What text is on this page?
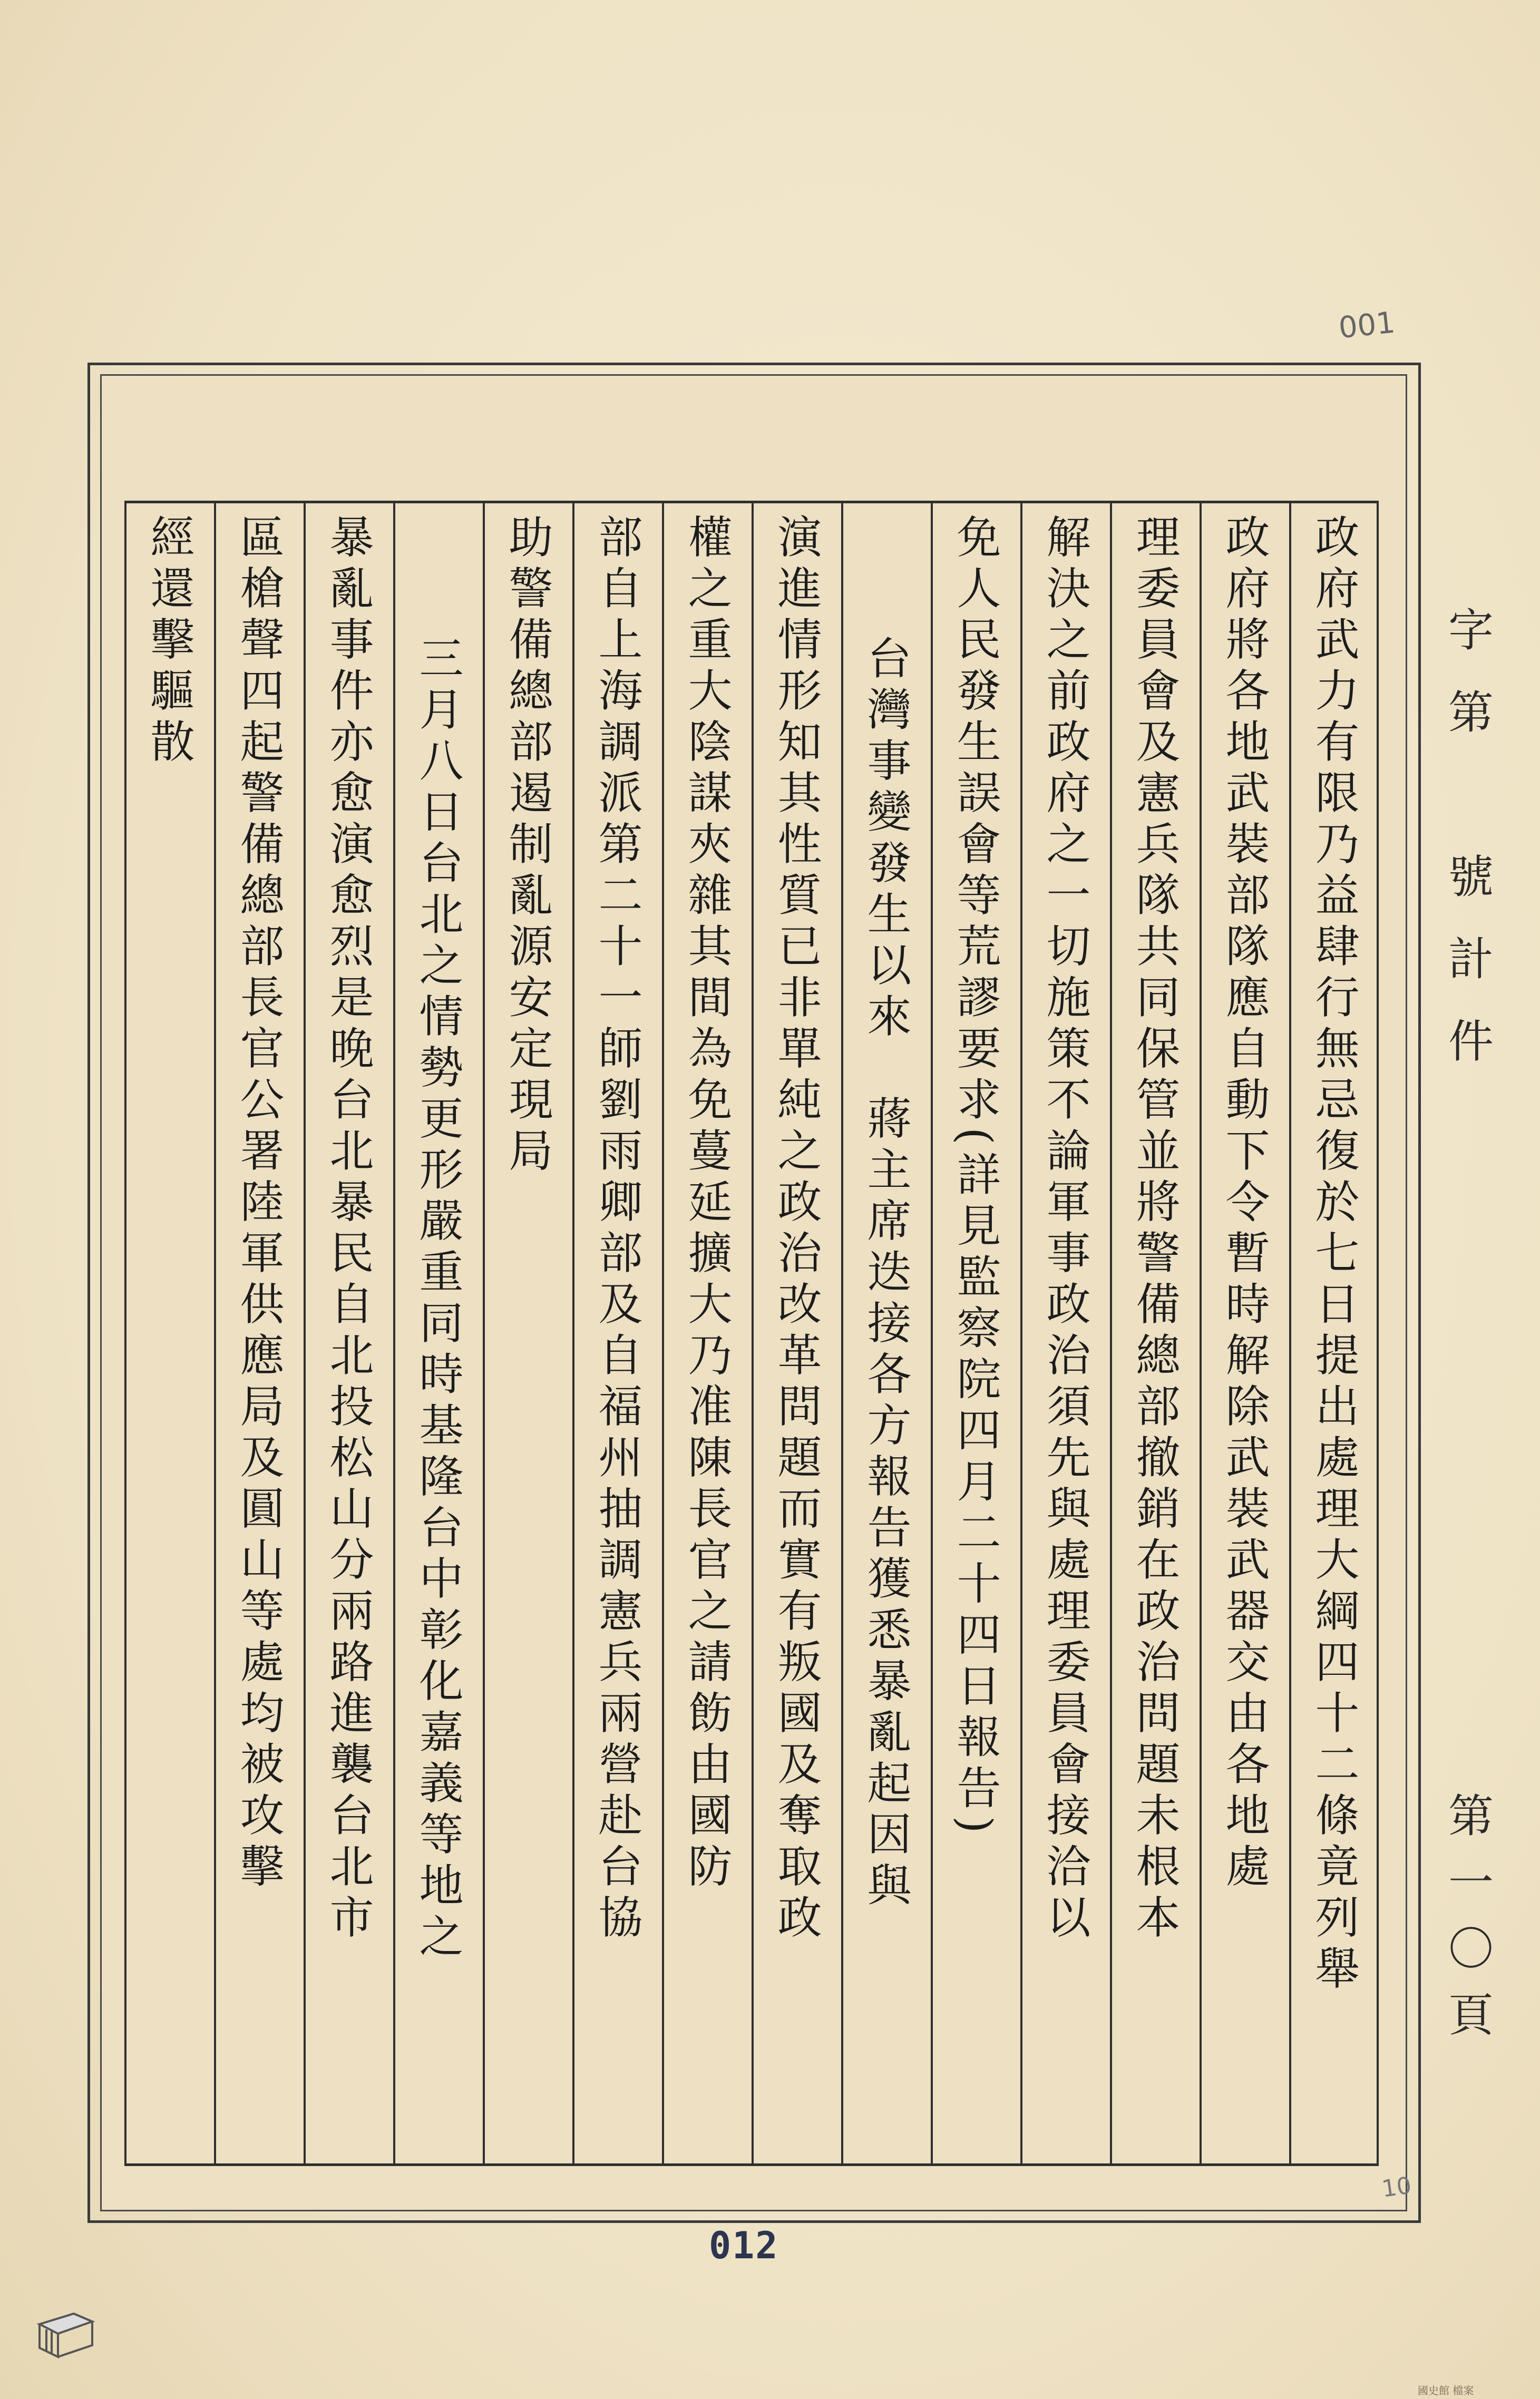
001
政府武力有限乃益肆行無忌復於七日提出處理大綱四十二條竟列舉
政府將各地武裝部隊應自動下令暫時解除武裝武器交由各地處
理委員會及憲兵隊共同保管並將警備總部撤銷在政治問題未根本
解決之前政府之一切施策不論軍事政治須先與處理委員會接洽以
免人民發生誤會等荒謬要求(詳見監察院四月二十四日報告)
台灣事變發生以來　蔣主席迭接各方報告獲悉暴亂起因與
演進情形知其性質已非單純之政治改革問題而實有叛國及奪取政
權之重大陰謀夾雜其間為免蔓延擴大乃准陳長官之請飭由國防
部自上海調派第二十一師劉雨卿部及自福州抽調憲兵兩營赴台協
助警備總部遏制亂源安定現局
三月八日台北之情勢更形嚴重同時基隆台中彰化嘉義等地之
暴亂事件亦愈演愈烈是晚台北暴民自北投松山分兩路進襲台北市
區槍聲四起警備總部長官公署陸軍供應局及圓山等處均被攻擊
經還擊驅散	字第　號計件
第一〇頁
10
012
國史館 檔案
